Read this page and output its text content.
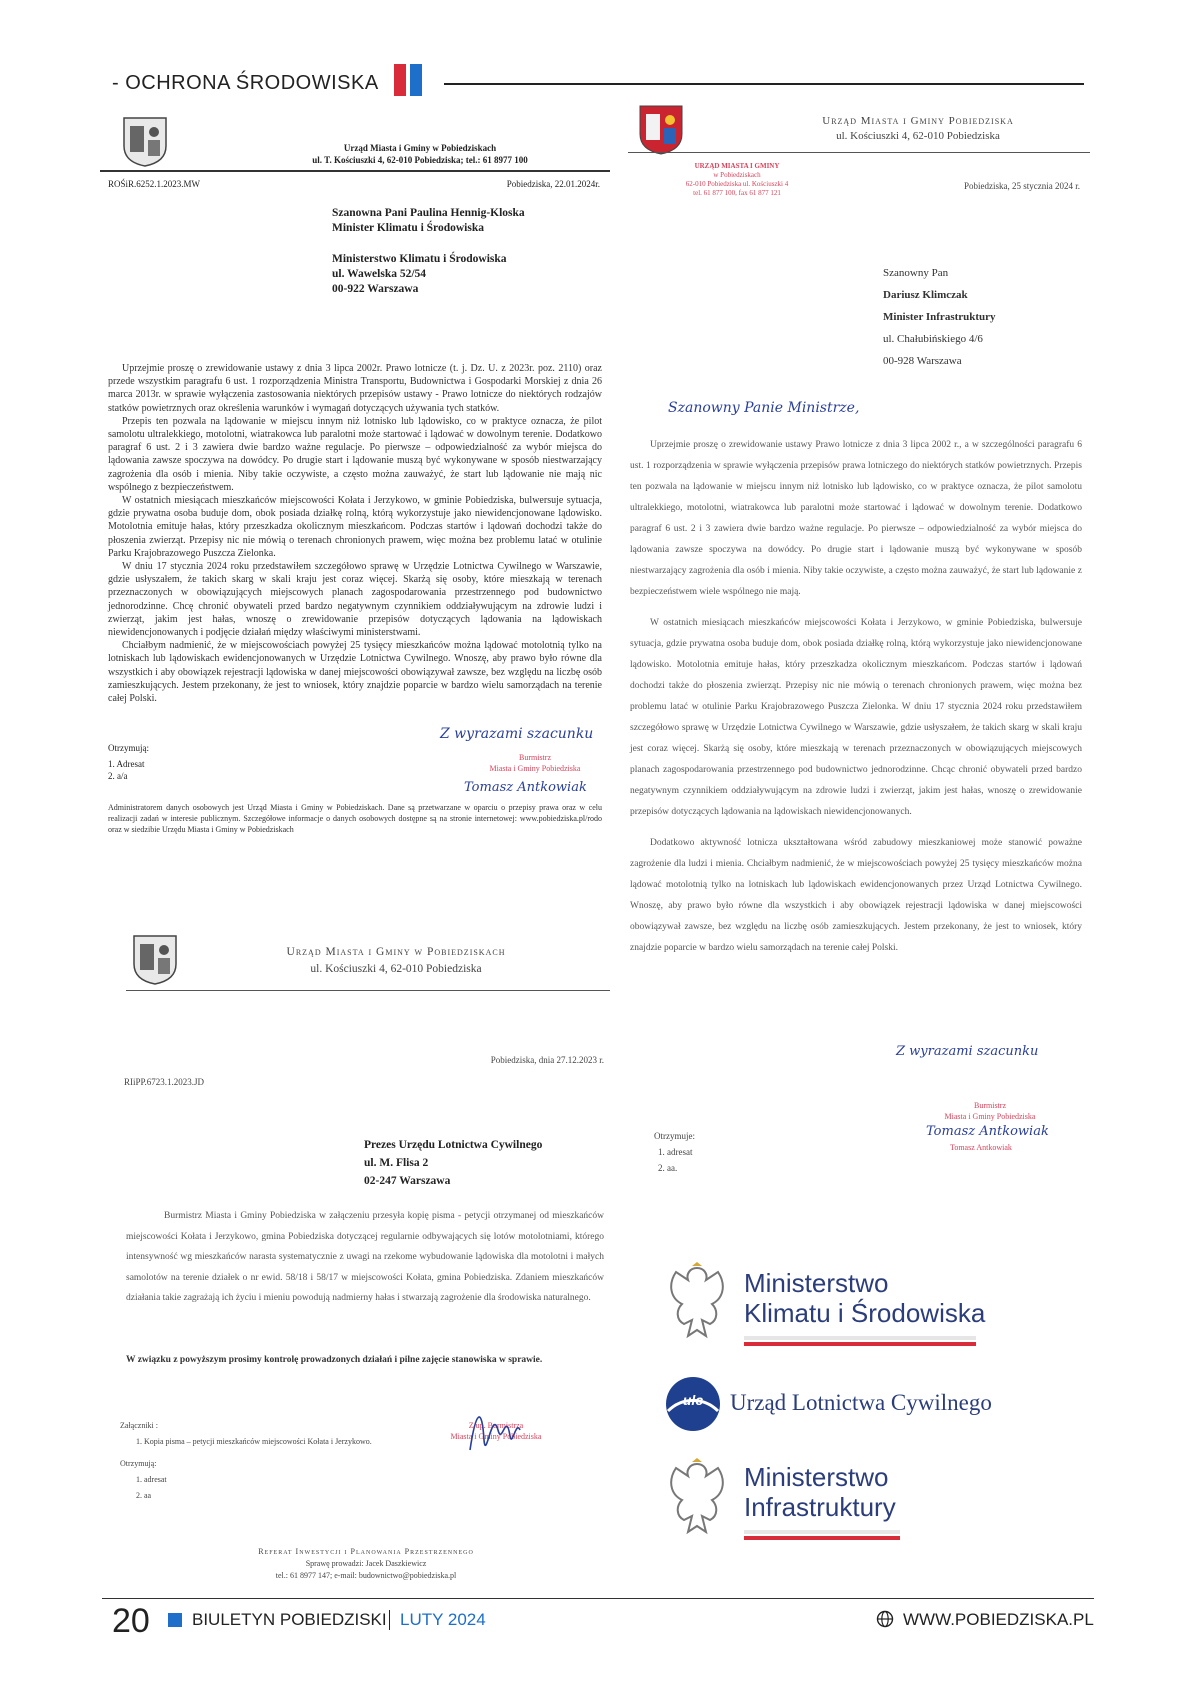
- OCHRONA ŚRODOWISKA
Urząd Miasta i Gminy w Pobiedziskach
ul. T. Kościuszki 4, 62-010 Pobiedziska; tel.: 61 8977 100
ROŚiR.6252.1.2023.MW	Pobiedziska, 22.01.2024r.
Szanowna Pani Paulina Hennig-Kloska
Minister Klimatu i Środowiska
Ministerstwo Klimatu i Środowiska
ul. Wawelska 52/54
00-922 Warszawa

Uprzejmie proszę o zrewidowanie ustawy z dnia 3 lipca 2002r. Prawo lotnicze (t. j. Dz. U. z 2023r. poz. 2110) oraz przede wszystkim paragrafu 6 ust. 1 rozporządzenia Ministra Transportu, Budownictwa i Gospodarki Morskiej z dnia 26 marca 2013r. w sprawie wyłączenia zastosowania niektórych przepisów ustawy - Prawo lotnicze do niektórych rodzajów statków powietrznych oraz określenia warunków i wymagań dotyczących używania tych statków.

Przepis ten pozwala na lądowanie w miejscu innym niż lotnisko lub lądowisko, co w praktyce oznacza, że pilot samolotu ultralekkiego, motolotni, wiatrakowca lub paralotni może startować i lądować w dowolnym terenie. Dodatkowo paragraf 6 ust. 2 i 3 zawiera dwie bardzo ważne regulacje. Po pierwsze – odpowiedzialność za wybór miejsca do lądowania zawsze spoczywa na dowódcy. Po drugie start i lądowanie muszą być wykonywane w sposób niestwarzający zagrożenia dla osób i mienia. Niby takie oczywiste, a często można zauważyć, że start lub lądowanie nie mają nic wspólnego z bezpieczeństwem.

W ostatnich miesiącach mieszkańców miejscowości Kołata i Jerzykowo, w gminie Pobiedziska, bulwersuje sytuacja, gdzie prywatna osoba buduje dom, obok posiada działkę rolną, którą wykorzystuje jako niewidencjonowane lądowisko. Motolotnia emituje hałas, który przeszkadza okolicznym mieszkańcom. Podczas startów i lądowań dochodzi także do płoszenia zwierząt. Przepisy nic nie mówią o terenach chronionych prawem, więc można bez problemu latać w otulinie Parku Krajobrazowego Puszcza Zielonka.

W dniu 17 stycznia 2024 roku przedstawiłem szczegółowo sprawę w Urzędzie Lotnictwa Cywilnego w Warszawie, gdzie usłyszałem, że takich skarg w skali kraju jest coraz więcej. Skarżą się osoby, które mieszkają w terenach przeznaczonych w obowiązujących miejscowych planach zagospodarowania przestrzennego pod budownictwo jednorodzinne. Chcę chronić obywateli przed bardzo negatywnym czynnikiem oddziaływującym na zdrowie ludzi i zwierząt, jakim jest hałas, wnoszę o zrewidowanie przepisów dotyczących lądowania na lądowiskach niewidencjonowanych i podjęcie działań między właściwymi ministerstwami.

Chciałbym nadmienić, że w miejscowościach powyżej 25 tysięcy mieszkańców można lądować motolotnią tylko na lotniskach lub lądowiskach ewidencjonowanych w Urzędzie Lotnictwa Cywilnego. Wnoszę, aby prawo było równe dla wszystkich i aby obowiązek rejestracji lądowiska w danej miejscowości obowiązywał zawsze, bez względu na liczbę osób zamieszkujących. Jestem przekonany, że jest to wniosek, który znajdzie poparcie w bardzo wielu samorządach na terenie całej Polski.

Z wyrazami szacunku
Otrzymują:
1. Adresat
2. a/a
Burmistrz
Miasta i Gminy Pobiedziska
Tomasz Antkowiak
Administratorem danych osobowych jest Urząd Miasta i Gminy w Pobiedziskach. Dane są przetwarzane w oparciu o przepisy prawa oraz w celu realizacji zadań w interesie publicznym. Szczegółowe informacje o danych osobowych dostępne są na stronie internetowej: www.pobiedziska.pl/rodo oraz w siedzibie Urzędu Miasta i Gminy w Pobiedziskach
Urząd Miasta i Gminy Pobiedziska
ul. Kościuszki 4, 62-010 Pobiedziska
URZĄD MIASTA I GMINY
w Pobiedziskach
62-010 Pobiedziska ul. Kościuszki 4
tel. 61 877 100, fax 61 877 121
Pobiedziska, 25 stycznia 2024 r.
Szanowny Pan
Dariusz Klimczak
Minister Infrastruktury
ul. Chałubińskiego 4/6
00-928 Warszawa
Szanowny Panie Ministrze,

Uprzejmie proszę o zrewidowanie ustawy Prawo lotnicze z dnia 3 lipca 2002 r., a w szczególności paragrafu 6 ust. 1 rozporządzenia w sprawie wyłączenia przepisów prawa lotniczego do niektórych statków powietrznych. Przepis ten pozwala na lądowanie w miejscu innym niż lotnisko lub lądowisko, co w praktyce oznacza, że pilot samolotu ultralekkiego, motolotni, wiatrakowca lub paralotni może startować i lądować w dowolnym terenie. Dodatkowo paragraf 6 ust. 2 i 3 zawiera dwie bardzo ważne regulacje. Po pierwsze – odpowiedzialność za wybór miejsca do lądowania zawsze spoczywa na dowódcy. Po drugie start i lądowanie muszą być wykonywane w sposób niestwarzający zagrożenia dla osób i mienia. Niby takie oczywiste, a często można zauważyć, że start lub lądowanie z bezpieczeństwem wiele wspólnego nie mają.

W ostatnich miesiącach mieszkańców miejscowości Kołata i Jerzykowo, w gminie Pobiedziska, bulwersuje sytuacja, gdzie prywatna osoba buduje dom, obok posiada działkę rolną, którą wykorzystuje jako niewidencjonowane lądowisko. Motolotnia emituje hałas, który przeszkadza okolicznym mieszkańcom. Podczas startów i lądowań dochodzi także do płoszenia zwierząt. Przepisy nic nie mówią o terenach chronionych prawem, więc można bez problemu latać w otulinie Parku Krajobrazowego Puszcza Zielonka. W dniu 17 stycznia 2024 roku przedstawiłem szczegółowo sprawę w Urzędzie Lotnictwa Cywilnego w Warszawie, gdzie usłyszałem, że takich skarg w skali kraju jest coraz więcej. Skarżą się osoby, które mieszkają w terenach przeznaczonych w obowiązujących miejscowych planach zagospodarowania przestrzennego pod budownictwo jednorodzinne. Chcąc chronić obywateli przed bardzo negatywnym czynnikiem oddziaływującym na zdrowie ludzi i zwierząt, jakim jest hałas, wnoszę o zrewidowanie przepisów dotyczących lądowania na lądowiskach niewidencjonowanych.

Dodatkowo aktywność lotnicza ukształtowana wśród zabudowy mieszkaniowej może stanowić poważne zagrożenie dla ludzi i mienia. Chciałbym nadmienić, że w miejscowościach powyżej 25 tysięcy mieszkańców można lądować motolotnią tylko na lotniskach lub lądowiskach ewidencjonowanych przez Urząd Lotnictwa Cywilnego. Wnoszę, aby prawo było równe dla wszystkich i aby obowiązek rejestracji lądowiska w danej miejscowości obowiązywał zawsze, bez względu na liczbę osób zamieszkujących. Jestem przekonany, że jest to wniosek, który znajdzie poparcie w bardzo wielu samorządach na terenie całej Polski.

Z wyrazami szacunku
Otrzymuje:
1. adresat
2. aa.
Burmistrz
Miasta i Gminy Pobiedziska
Tomasz Antkowiak
Tomasz Antkowiak
Urząd Miasta i Gminy w Pobiedziskach
ul. Kościuszki 4, 62-010 Pobiedziska
Pobiedziska, dnia 27.12.2023 r.
RIiPP.6723.1.2023.JD
Prezes Urzędu Lotnictwa Cywilnego
ul. M. Flisa 2
02-247 Warszawa
Burmistrz Miasta i Gminy Pobiedziska w załączeniu przesyła kopię pisma - petycji otrzymanej od mieszkańców miejscowości Kołata i Jerzykowo, gmina Pobiedziska dotyczącej regularnie odbywających się lotów motolotniami, którego intensywność wg mieszkańców narasta systematycznie z uwagi na rzekome wybudowanie lądowiska dla motolotni i małych samolotów na terenie działek o nr ewid. 58/18 i 58/17 w miejscowości Kołata, gmina Pobiedziska. Zdaniem mieszkańców działania takie zagrażają ich życiu i mieniu powodują nadmierny hałas i stwarzają zagrożenie dla środowiska naturalnego.
W związku z powyższym prosimy kontrolę prowadzonych działań i pilne zajęcie stanowiska w sprawie.
Załączniki :
1. Kopia pisma – petycji mieszkańców miejscowości Kołata i Jerzykowo.
Otrzymują:
1. adresat
2. aa
Z up. Burmistrza
Miasta i Gminy Pobiedziska
Referat Inwestycji i Planowania Przestrzennego
Sprawę prowadzi: Jacek Daszkiewicz
tel.: 61 8977 147; e-mail: budownictwo@pobiedziska.pl
Ministerstwo
Klimatu i Środowiska
ulc Urząd Lotnictwa Cywilnego
Ministerstwo
Infrastruktury
20 BIULETYN POBIEDZISKI LUTY 2024	WWW.POBIEDZISKA.PL
